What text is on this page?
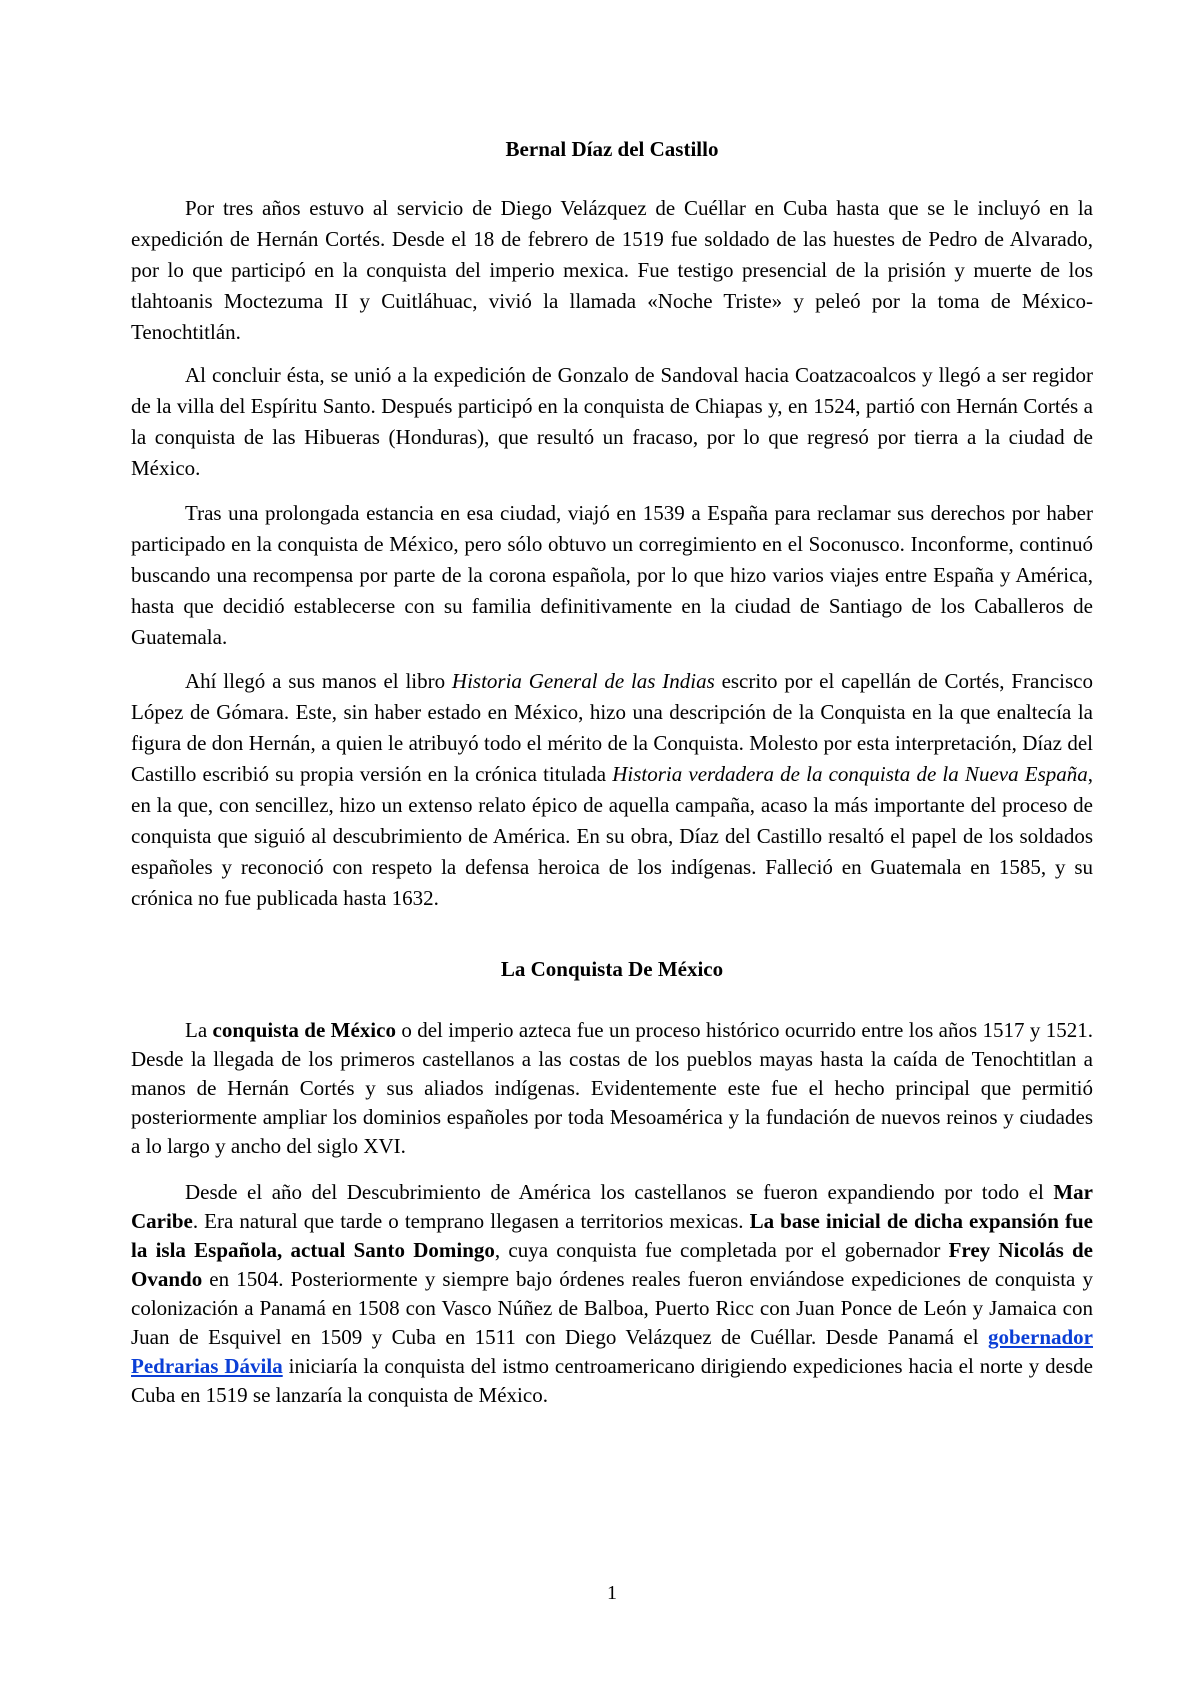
Bernal Díaz del Castillo

Por tres años estuvo al servicio de Diego Velázquez de Cuéllar en Cuba hasta que se le incluyó en la expedición de Hernán Cortés. Desde el 18 de febrero de 1519 fue soldado de las huestes de Pedro de Alvarado, por lo que participó en la conquista del imperio mexica. Fue testigo presencial de la prisión y muerte de los tlahtoanis Moctezuma II y Cuitláhuac, vivió la llamada «Noche Triste» y peleó por la toma de México-Tenochtitlán.

Al concluir ésta, se unió a la expedición de Gonzalo de Sandoval hacia Coatzacoalcos y llegó a ser regidor de la villa del Espíritu Santo. Después participó en la conquista de Chiapas y, en 1524, partió con Hernán Cortés a la conquista de las Hibueras (Honduras), que resultó un fracaso, por lo que regresó por tierra a la ciudad de México.

Tras una prolongada estancia en esa ciudad, viajó en 1539 a España para reclamar sus derechos por haber participado en la conquista de México, pero sólo obtuvo un corregimiento en el Soconusco. Inconforme, continuó buscando una recompensa por parte de la corona española, por lo que hizo varios viajes entre España y América, hasta que decidió establecerse con su familia definitivamente en la ciudad de Santiago de los Caballeros de Guatemala.

Ahí llegó a sus manos el libro Historia General de las Indias escrito por el capellán de Cortés, Francisco López de Gómara. Este, sin haber estado en México, hizo una descripción de la Conquista en la que enaltecía la figura de don Hernán, a quien le atribuyó todo el mérito de la Conquista. Molesto por esta interpretación, Díaz del Castillo escribió su propia versión en la crónica titulada Historia verdadera de la conquista de la Nueva España, en la que, con sencillez, hizo un extenso relato épico de aquella campaña, acaso la más importante del proceso de conquista que siguió al descubrimiento de América. En su obra, Díaz del Castillo resaltó el papel de los soldados españoles y reconoció con respeto la defensa heroica de los indígenas. Falleció en Guatemala en 1585, y su crónica no fue publicada hasta 1632.

La Conquista De México

La conquista de México o del imperio azteca fue un proceso histórico ocurrido entre los años 1517 y 1521. Desde la llegada de los primeros castellanos a las costas de los pueblos mayas hasta la caída de Tenochtitlan a manos de Hernán Cortés y sus aliados indígenas. Evidentemente este fue el hecho principal que permitió posteriormente ampliar los dominios españoles por toda Mesoamérica y la fundación de nuevos reinos y ciudades a lo largo y ancho del siglo XVI.

Desde el año del Descubrimiento de América los castellanos se fueron expandiendo por todo el Mar Caribe. Era natural que tarde o temprano llegasen a territorios mexicas. La base inicial de dicha expansión fue la isla Española, actual Santo Domingo, cuya conquista fue completada por el gobernador Frey Nicolás de Ovando en 1504. Posteriormente y siempre bajo órdenes reales fueron enviándose expediciones de conquista y colonización a Panamá en 1508 con Vasco Núñez de Balboa, Puerto Ricc con Juan Ponce de León y Jamaica con Juan de Esquivel en 1509 y Cuba en 1511 con Diego Velázquez de Cuéllar. Desde Panamá el gobernador Pedrarias Dávila iniciaría la conquista del istmo centroamericano dirigiendo expediciones hacia el norte y desde Cuba en 1519 se lanzaría la conquista de México.

1
